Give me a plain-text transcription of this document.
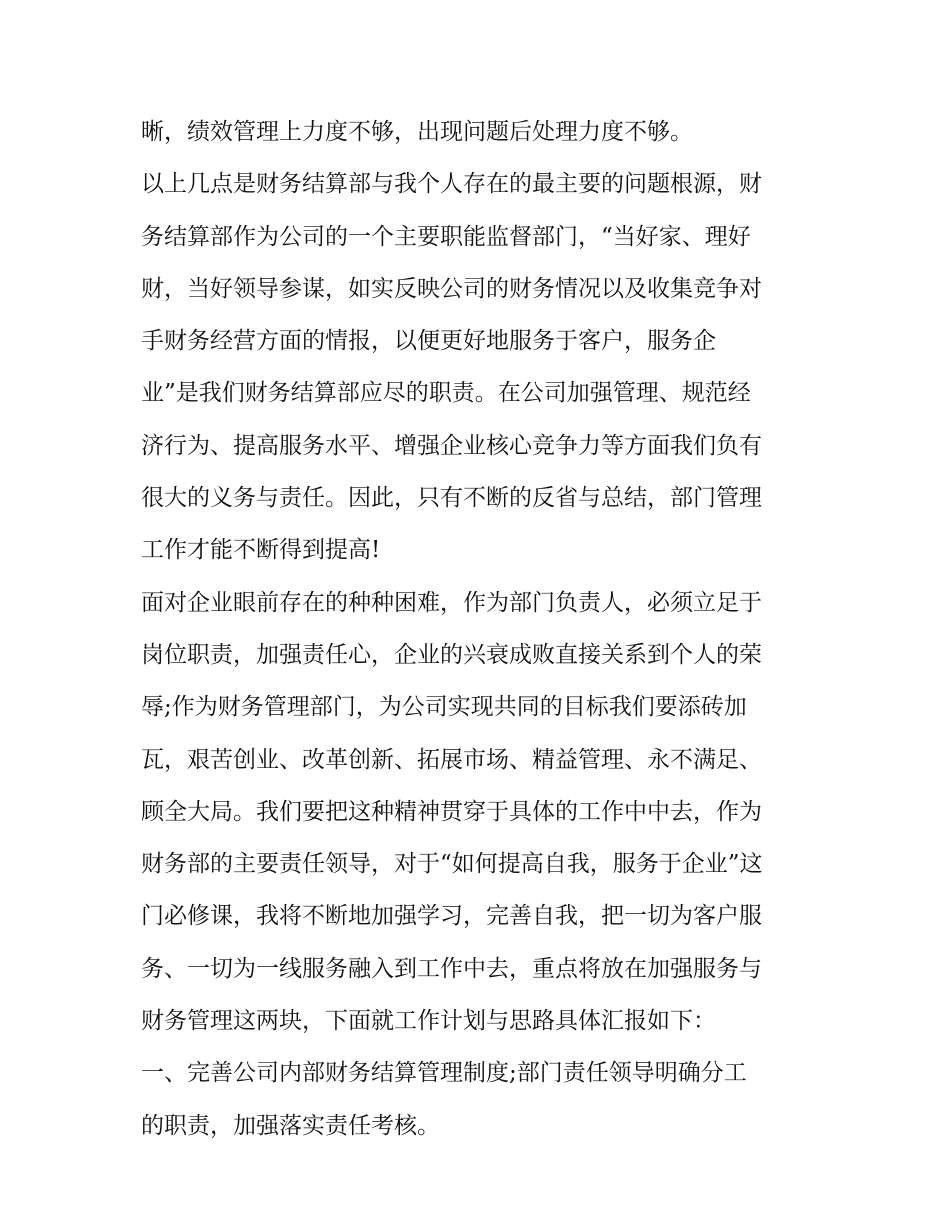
晰，绩效管理上力度不够，出现问题后处理力度不够。
以上几点是财务结算部与我个人存在的最主要的问题根源，财
务结算部作为公司的一个主要职能监督部门，“当好家、理好
财，当好领导参谋，如实反映公司的财务情况以及收集竞争对
手财务经营方面的情报，以便更好地服务于客户，服务企
业”是我们财务结算部应尽的职责。在公司加强管理、规范经
济行为、提高服务水平、增强企业核心竞争力等方面我们负有
很大的义务与责任。因此，只有不断的反省与总结，部门管理
工作才能不断得到提高!
面对企业眼前存在的种种困难，作为部门负责人，必须立足于
岗位职责，加强责任心，企业的兴衰成败直接关系到个人的荣
辱;作为财务管理部门，为公司实现共同的目标我们要添砖加
瓦，艰苦创业、改革创新、拓展市场、精益管理、永不满足、
顾全大局。我们要把这种精神贯穿于具体的工作中中去，作为
财务部的主要责任领导，对于“如何提高自我，服务于企业”这
门必修课，我将不断地加强学习，完善自我，把一切为客户服
务、一切为一线服务融入到工作中去，重点将放在加强服务与
财务管理这两块，下面就工作计划与思路具体汇报如下：
一、完善公司内部财务结算管理制度;部门责任领导明确分工
的职责，加强落实责任考核。
